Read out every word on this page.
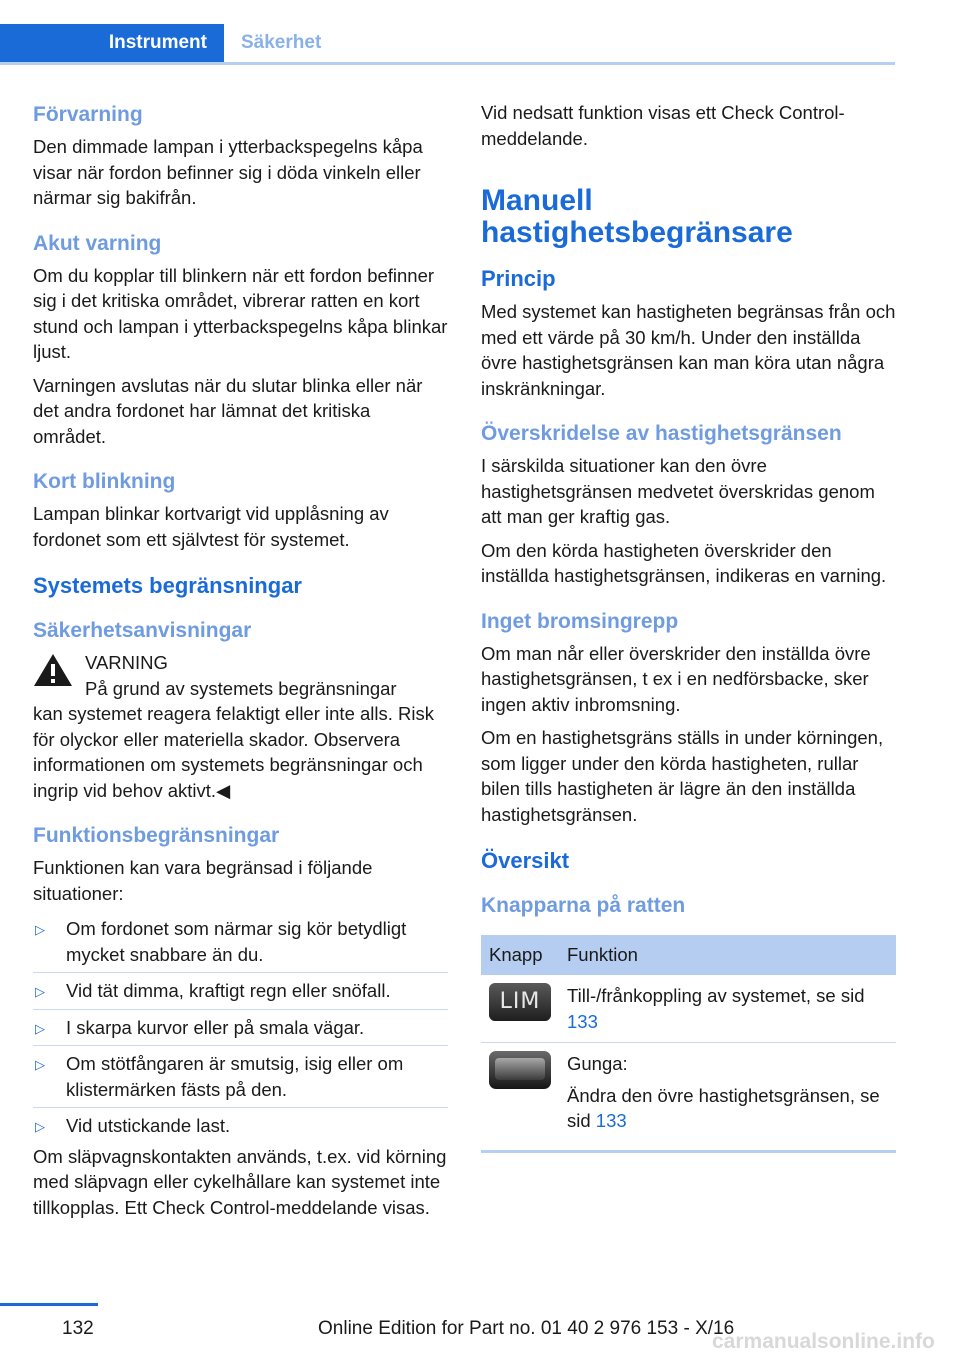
Instrument	Säkerhet
Förvarning

Den dimmade lampan i ytterbackspegelns kåpa visar när fordon befinner sig i döda vinkeln eller närmar sig bakifrån.

Akut varning

Om du kopplar till blinkern när ett fordon befinner sig i det kritiska området, vibrerar ratten en kort stund och lampan i ytterbackspegelns kåpa blinkar ljust.

Varningen avslutas när du slutar blinka eller när det andra fordonet har lämnat det kritiska området.

Kort blinkning

Lampan blinkar kortvarigt vid upplåsning av fordonet som ett självtest för systemet.

Systemets begränsningar
Säkerhetsanvisningar

VARNING

På grund av systemets begränsningar

kan systemet reagera felaktigt eller inte alls. Risk för olyckor eller materiella skador. Observera informationen om systemets begränsningar och ingrip vid behov aktivt.◀

Funktionsbegränsningar

Funktionen kan vara begränsad i följande situationer:

▷ Om fordonet som närmar sig kör betydligt mycket snabbare än du.
▷ Vid tät dimma, kraftigt regn eller snöfall.
▷ I skarpa kurvor eller på smala vägar.
▷ Om stötfångaren är smutsig, isig eller om klistermärken fästs på den.
▷ Vid utstickande last.

Om släpvagnskontakten används, t.ex. vid körning med släpvagn eller cykelhållare kan systemet inte tillkopplas. Ett Check Control-meddelande visas.

Vid nedsatt funktion visas ett Check Control-meddelande.

Manuell hastighetsbegränsare
Princip

Med systemet kan hastigheten begränsas från och med ett värde på 30 km/h. Under den inställda övre hastighetsgränsen kan man köra utan några inskränkningar.

Överskridelse av hastighetsgränsen

I särskilda situationer kan den övre hastighetsgränsen medvetet överskridas genom att man ger kraftig gas.

Om den körda hastigheten överskrider den inställda hastighetsgränsen, indikeras en varning.

Inget bromsingrepp

Om man når eller överskrider den inställda övre hastighetsgränsen, t ex i en nedförsbacke, sker ingen aktiv inbromsning.

Om en hastighetsgräns ställs in under körningen, som ligger under den körda hastigheten, rullar bilen tills hastigheten är lägre än den inställda hastighetsgränsen.

Översikt
Knapparna på ratten
Knapp	Funktion

LIM	Till-/frånkoppling av systemet, se sid 133

	Gunga:

Ändra den övre hastighetsgränsen, se sid 133
132	Online Edition for Part no. 01 40 2 976 153 - X/16
carmanualsonline.info
